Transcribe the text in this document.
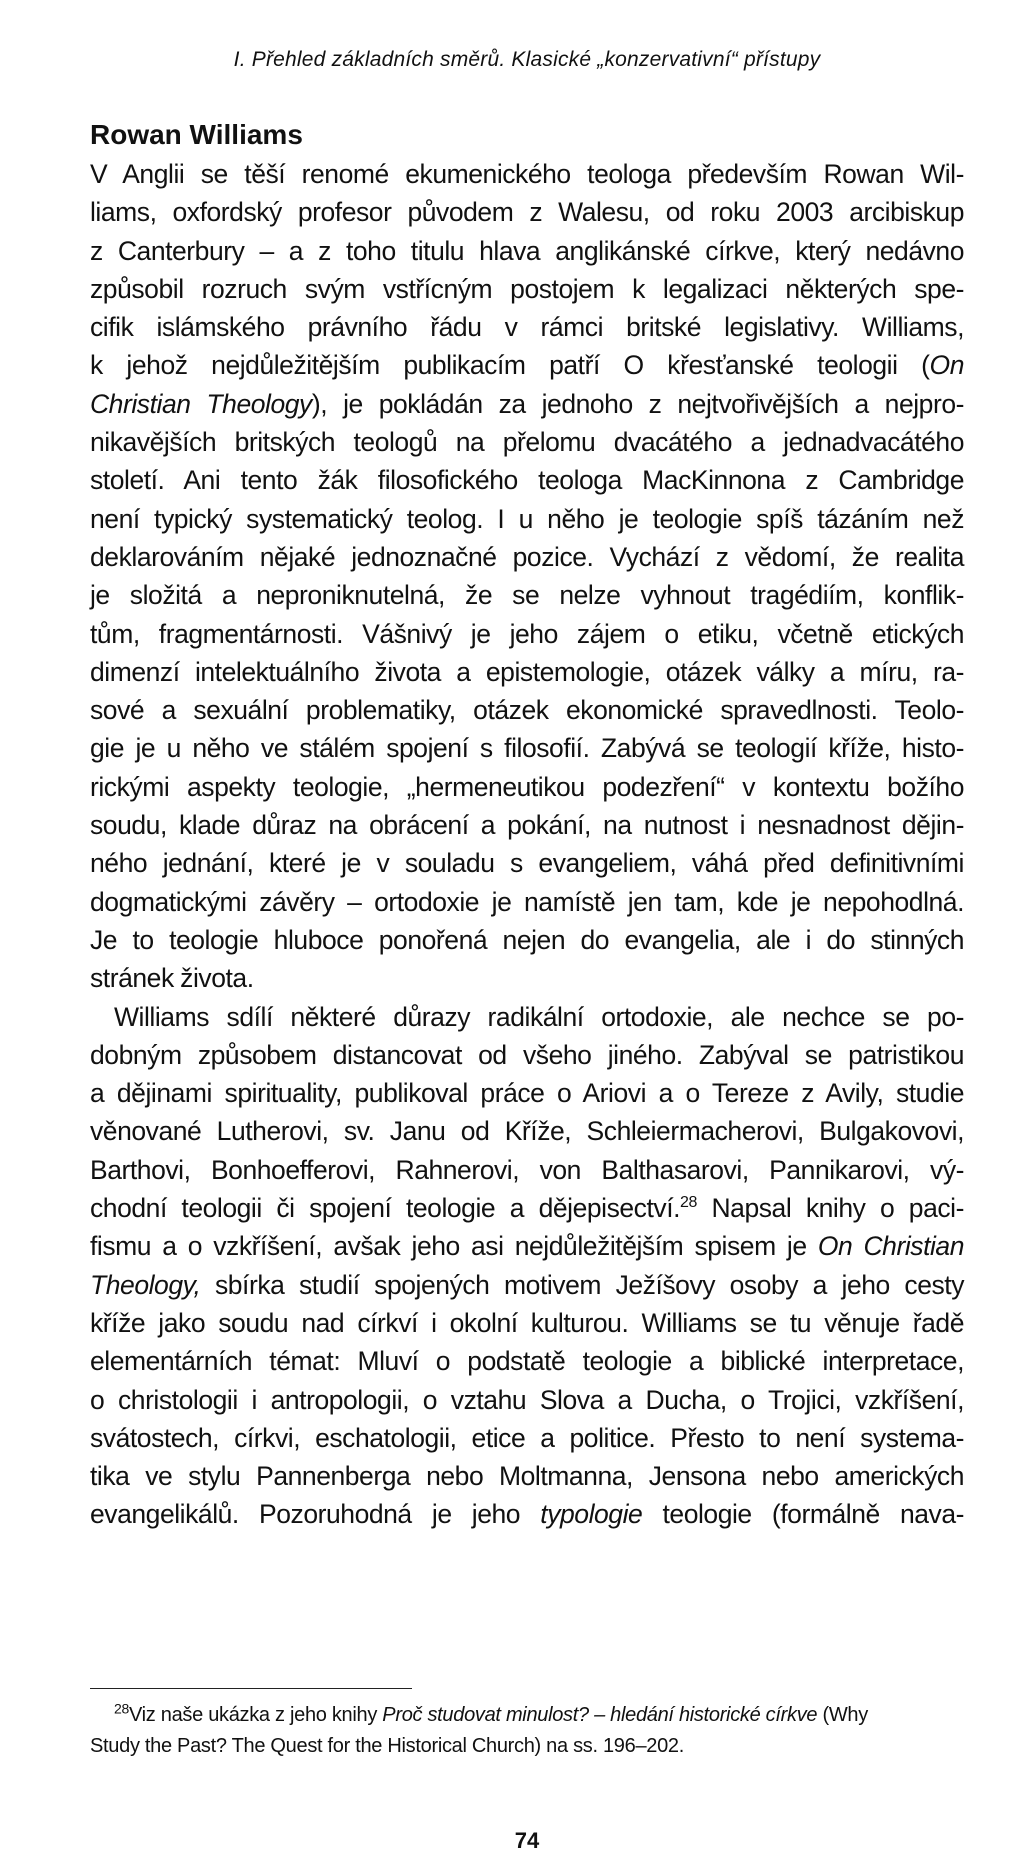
I. Přehled základních směrů. Klasické „konzervativní“ přístupy
Rowan Williams
V Anglii se těší renomé ekumenického teologa především Rowan Wil-
liams, oxfordský profesor původem z Walesu, od roku 2003 arcibiskup
z Canterbury – a z toho titulu hlava anglikánské církve, který nedávno
způsobil rozruch svým vstřícným postojem k legalizaci některých spe-
cifik islámského právního řádu v rámci britské legislativy. Williams,
k jehož nejdůležitějším publikacím patří O křesťanské teologii (On
Christian Theology), je pokládán za jednoho z nejtvořivějších a nejpro-
nikavějších britských teologů na přelomu dvacátého a jednadvacátého
století. Ani tento žák filosofického teologa MacKinnona z Cambridge
není typický systematický teolog. I u něho je teologie spíš tázáním než
deklarováním nějaké jednoznačné pozice. Vychází z vědomí, že realita
je složitá a neproniknutelná, že se nelze vyhnout tragédiím, konflik-
tům, fragmentárnosti. Vášnivý je jeho zájem o etiku, včetně etických
dimenzí intelektuálního života a epistemologie, otázek války a míru, ra-
sové a sexuální problematiky, otázek ekonomické spravedlnosti. Teolo-
gie je u něho ve stálém spojení s filosofií. Zabývá se teologií kříže, histo-
rickými aspekty teologie, „hermeneutikou podezření“ v kontextu božího
soudu, klade důraz na obrácení a pokání, na nutnost i nesnadnost dějin-
ného jednání, které je v souladu s evangeliem, váhá před definitivními
dogmatickými závěry – ortodoxie je namístě jen tam, kde je nepohodlná.
Je to teologie hluboce ponořená nejen do evangelia, ale i do stinných
stránek života.
Williams sdílí některé důrazy radikální ortodoxie, ale nechce se po-
dobným způsobem distancovat od všeho jiného. Zabýval se patristikou
a dějinami spirituality, publikoval práce o Ariovi a o Tereze z Avily, studie
věnované Lutherovi, sv. Janu od Kříže, Schleiermacherovi, Bulgakovovi,
Barthovi, Bonhoefferovi, Rahnerovi, von Balthasarovi, Pannikarovi, vý-
chodní teologii či spojení teologie a dějepisectví.$^{28}$ Napsal knihy o paci-
fismu a o vzkříšení, avšak jeho asi nejdůležitějším spisem je On Christian
Theology, sbírka studií spojených motivem Ježíšovy osoby a jeho cesty
kříže jako soudu nad církví i okolní kulturou. Williams se tu věnuje řadě
elementárních témat: Mluví o podstatě teologie a biblické interpretace,
o christologii i antropologii, o vztahu Slova a Ducha, o Trojici, vzkříšení,
svátostech, církvi, eschatologii, etice a politice. Přesto to není systema-
tika ve stylu Pannenberga nebo Moltmanna, Jensona nebo amerických
evangelikálů. Pozoruhodná je jeho typologie teologie (formálně nava-
$^{28}$Viz naše ukázka z jeho knihy Proč studovat minulost? – hledání historické církve (Why
Study the Past? The Quest for the Historical Church) na ss. 196–202.
74
